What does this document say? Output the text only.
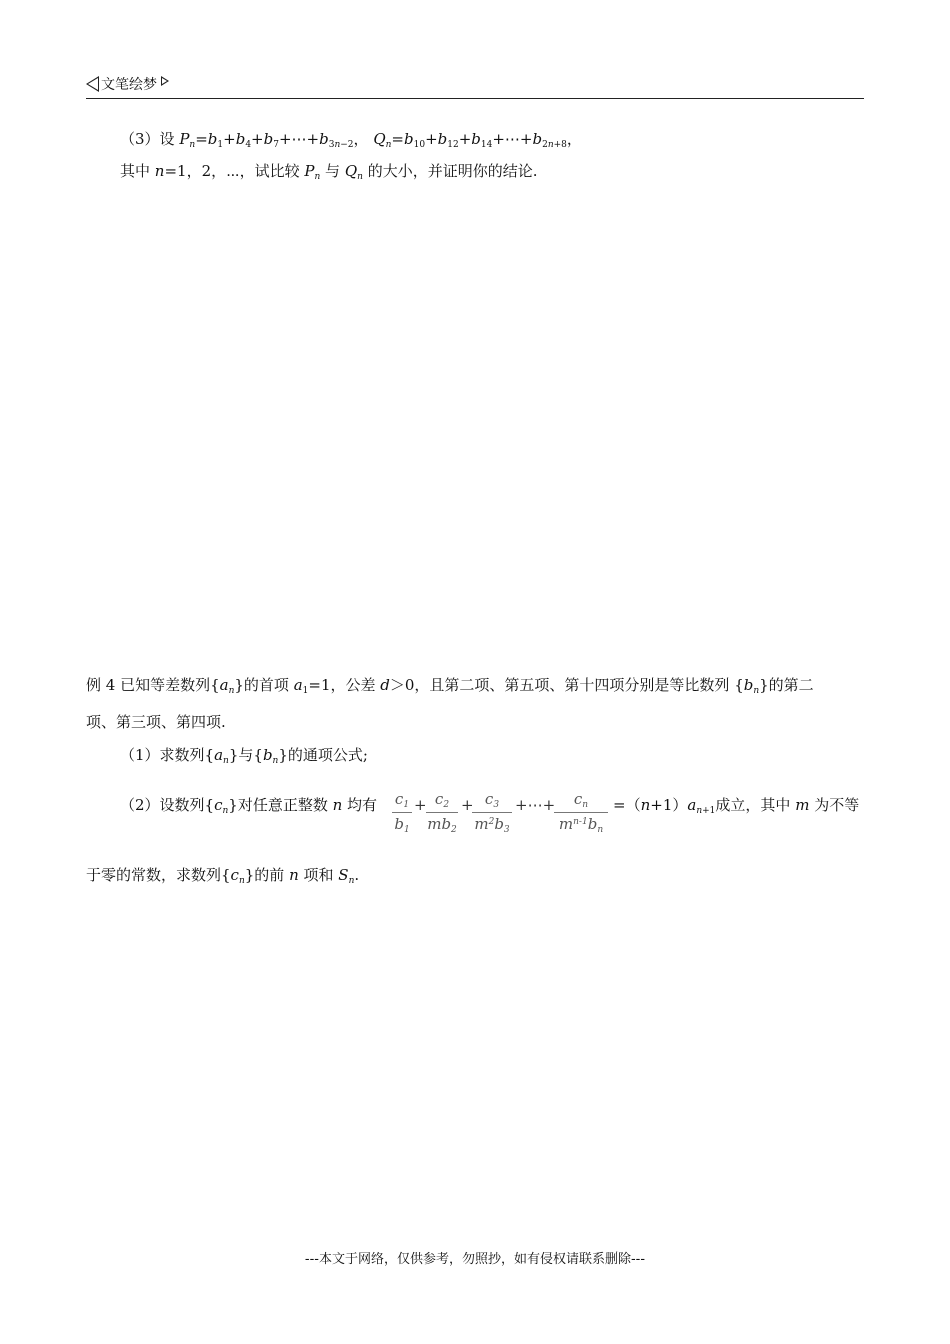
文笔绘梦
（3）设 $P_n=b_1+b_4+b_7+\cdots+b_{3n-2}$， $Q_n=b_{10}+b_{12}+b_{14}+\cdots+b_{2n+8}$，
其中 n=1，2，⋯，试比较 $P_n$ 与 $Q_n$ 的大小，并证明你的结论.
例 4 已知等差数列$\{a_n\}$的首项 $a_1=1$，公差 d＞0，且第二项、第五项、第十四项分别是等比数列 $\{b_n\}$的第二
项、第三项、第四项.
（1）求数列$\{a_n\}$与$\{b_n\}$的通项公式;
（2）设数列$\{c_n\}$对任意正整数 n 均有 $\frac{c_1}{b_1} + \frac{c_2}{mb_2}$ +
$\frac{c_3}{m^2b_3}$ +⋯+
$\frac{c_n}{m^{n-1}b_n} =(n+1)a_{n+1}$成立，其中 m 为不等
于零的常数，求数列$\{c_n\}$的前 n 项和 $S_n$.
---本文于网络，仅供参考，勿照抄，如有侵权请联系删除---
